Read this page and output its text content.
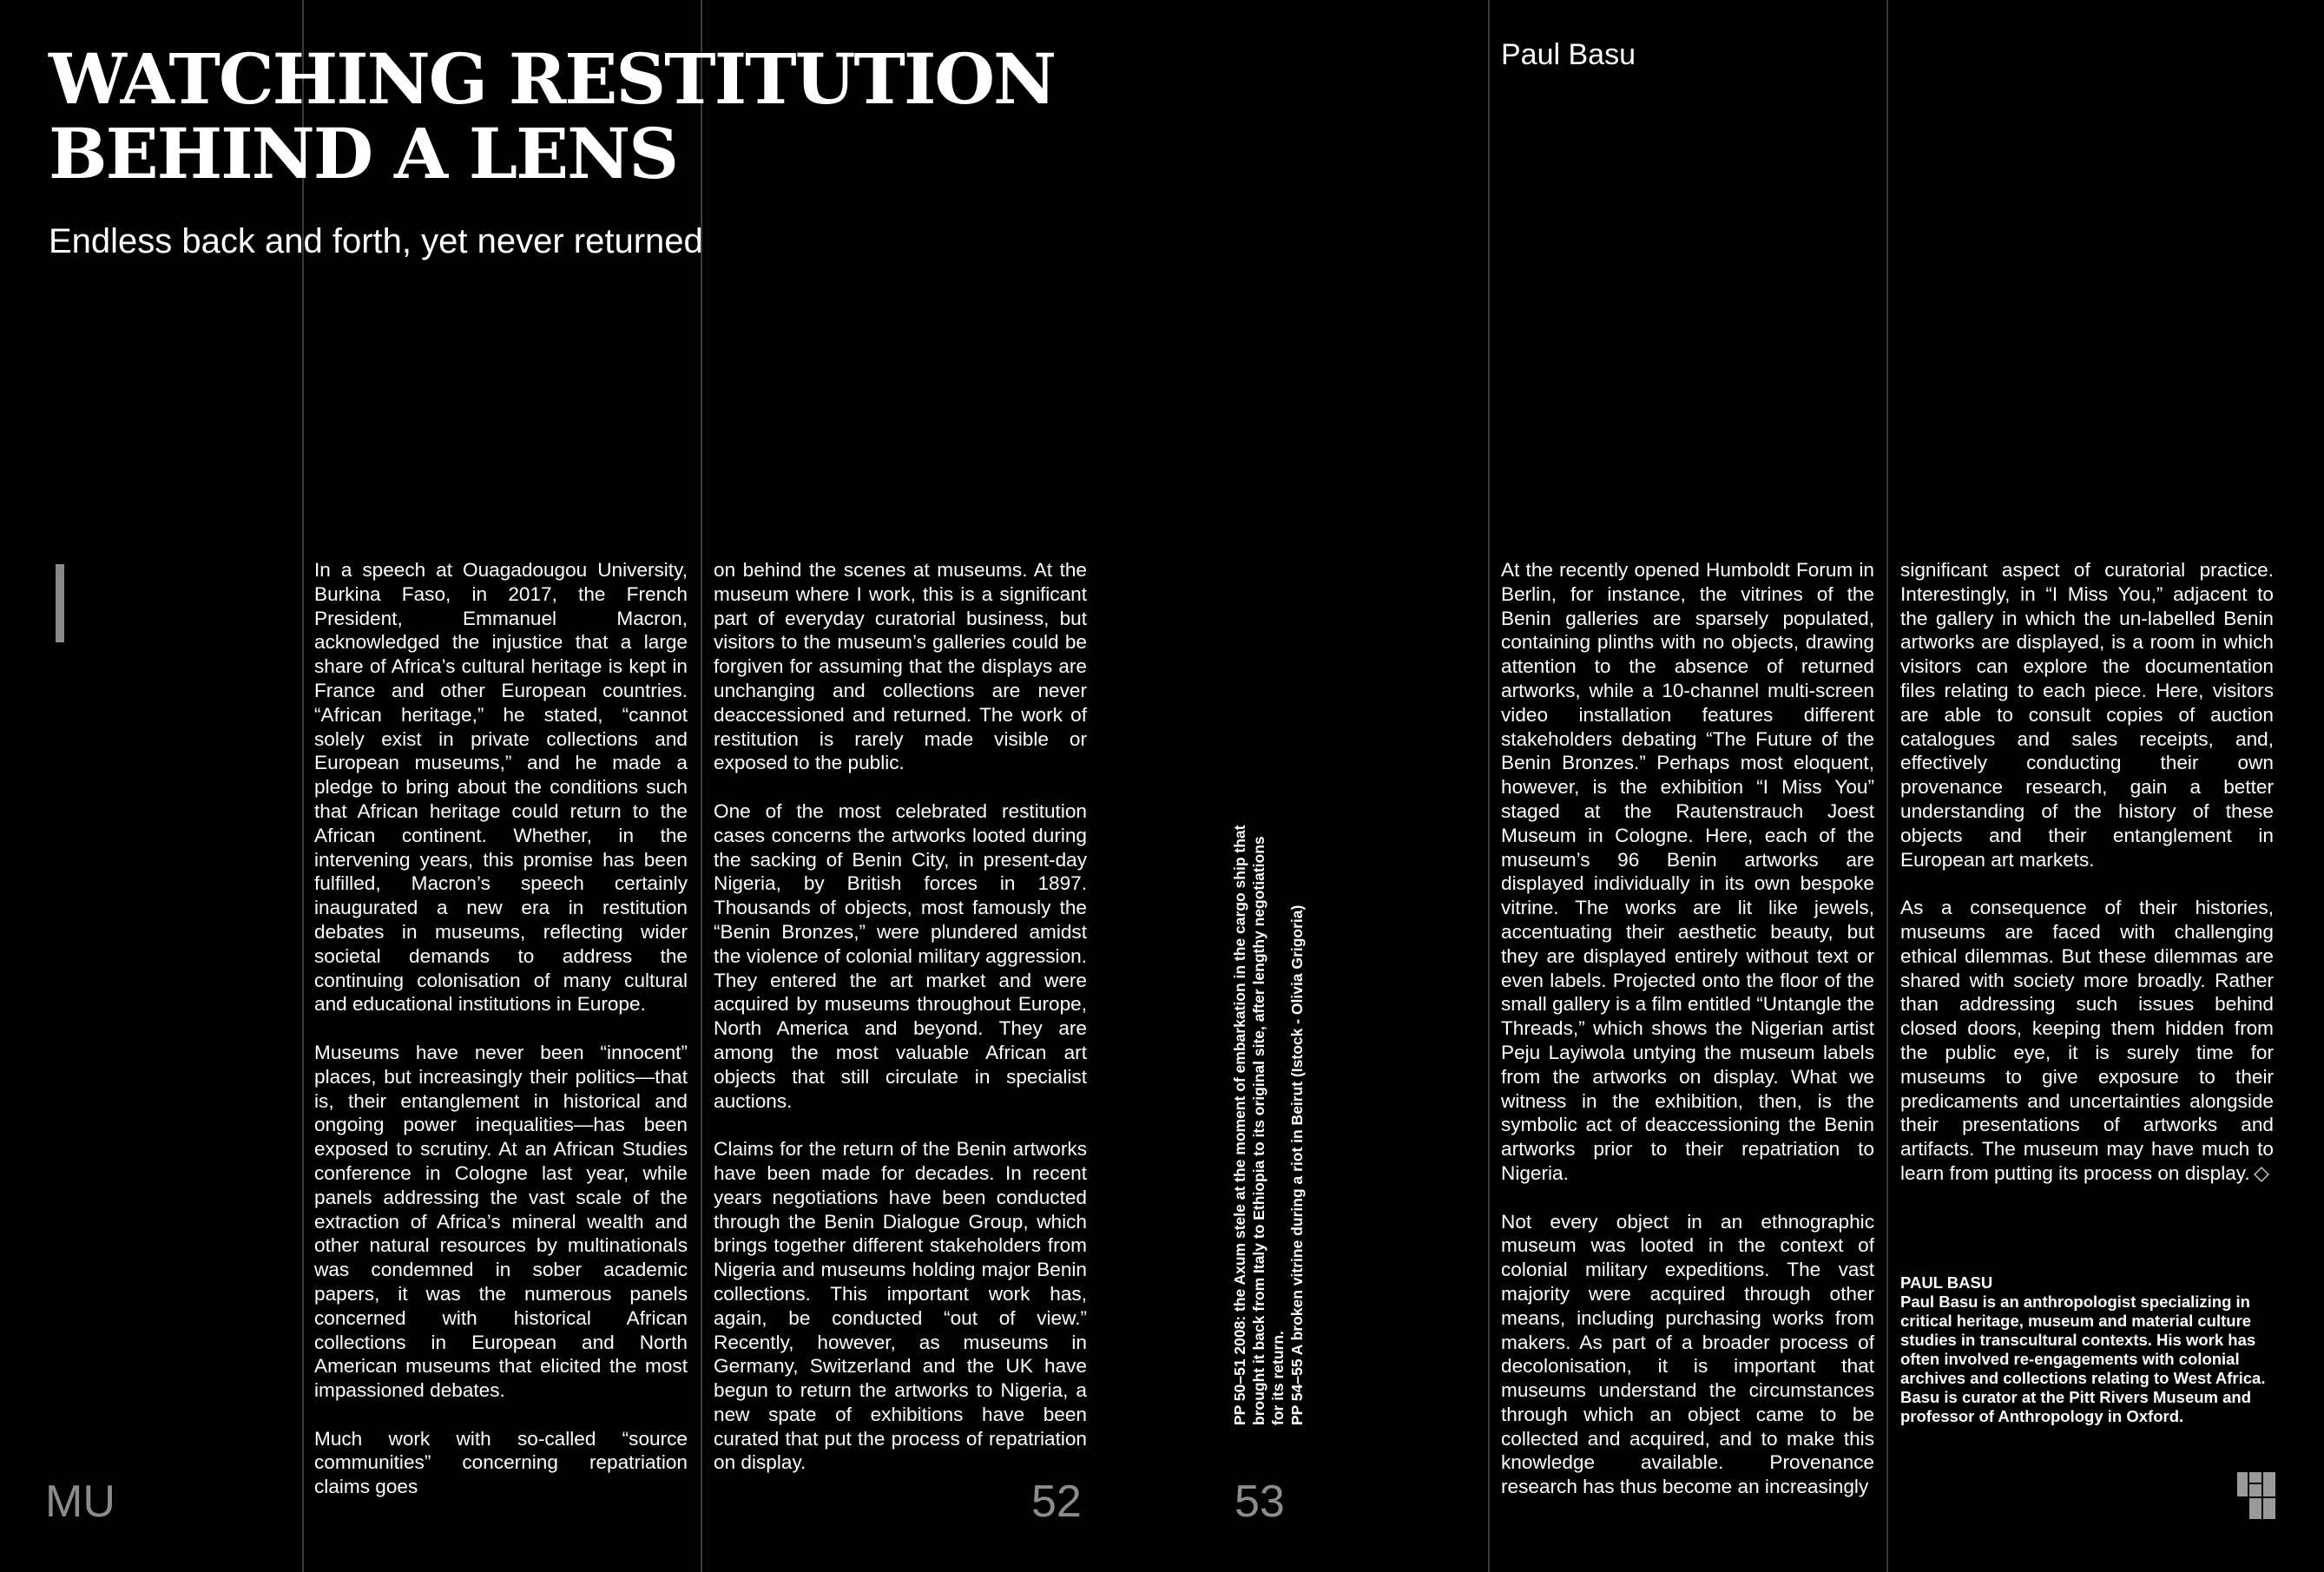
WATCHING RESTITUTION
BEHIND A LENS
Endless back and forth, yet never returned
Paul Basu

In a speech at Ouagadougou University, Burkina Faso, in 2017, the French President, Emmanuel Macron, acknowledged the injustice that a large share of Africa’s cultural heritage is kept in France and other European countries. “African heritage,” he stated, “cannot solely exist in private collections and European museums,” and he made a pledge to bring about the conditions such that African heritage could return to the African continent. Whether, in the intervening years, this promise has been fulfilled, Macron’s speech certainly inaugurated a new era in restitution debates in museums, reflecting wider societal demands to address the continuing colonisation of many cultural and educational institutions in Europe.

Museums have never been “innocent” places, but increasingly their politics—that is, their entanglement in historical and ongoing power inequalities—has been exposed to scrutiny. At an African Studies conference in Cologne last year, while panels addressing the vast scale of the extraction of Africa’s mineral wealth and other natural resources by multinationals was condemned in sober academic papers, it was the numerous panels concerned with historical African collections in European and North American museums that elicited the most impassioned debates.

Much work with so-called “source communities” concerning repatriation claims goes

on behind the scenes at museums. At the museum where I work, this is a significant part of everyday curatorial business, but visitors to the museum’s galleries could be forgiven for assuming that the displays are unchanging and collections are never deaccessioned and returned. The work of restitution is rarely made visible or exposed to the public.

One of the most celebrated restitution cases concerns the artworks looted during the sacking of Benin City, in present-day Nigeria, by British forces in 1897. Thousands of objects, most famously the “Benin Bronzes,” were plundered amidst the violence of colonial military aggression. They entered the art market and were acquired by museums throughout Europe, North America and beyond. They are among the most valuable African art objects that still circulate in specialist auctions.

Claims for the return of the Benin artworks have been made for decades. In recent years negotiations have been conducted through the Benin Dialogue Group, which brings together different stakeholders from Nigeria and museums holding major Benin collections. This important work has, again, be conducted “out of view.” Recently, however, as museums in Germany, Switzerland and the UK have begun to return the artworks to Nigeria, a new spate of exhibitions have been curated that put the process of repatriation on display.

At the recently opened Humboldt Forum in Berlin, for instance, the vitrines of the Benin galleries are sparsely populated, containing plinths with no objects, drawing attention to the absence of returned artworks, while a 10-channel multi-screen video installation features different stakeholders debating “The Future of the Benin Bronzes.” Perhaps most eloquent, however, is the exhibition “I Miss You” staged at the Rautenstrauch Joest Museum in Cologne. Here, each of the museum’s 96 Benin artworks are displayed individually in its own bespoke vitrine. The works are lit like jewels, accentuating their aesthetic beauty, but they are displayed entirely without text or even labels. Projected onto the floor of the small gallery is a film entitled “Untangle the Threads,” which shows the Nigerian artist Peju Layiwola untying the museum labels from the artworks on display. What we witness in the exhibition, then, is the symbolic act of deaccessioning the Benin artworks prior to their repatriation to Nigeria.

Not every object in an ethnographic museum was looted in the context of colonial military expeditions. The vast majority were acquired through other means, including purchasing works from makers. As part of a broader process of decolonisation, it is important that museums understand the circumstances through which an object came to be collected and acquired, and to make this knowledge available. Provenance research has thus become an increasingly

significant aspect of curatorial practice. Interestingly, in “I Miss You,” adjacent to the gallery in which the un-labelled Benin artworks are displayed, is a room in which visitors can explore the documentation files relating to each piece. Here, visitors are able to consult copies of auction catalogues and sales receipts, and, effectively conducting their own provenance research, gain a better understanding of the history of these objects and their entanglement in European art markets.

As a consequence of their histories, museums are faced with challenging ethical dilemmas. But these dilemmas are shared with society more broadly. Rather than addressing such issues behind closed doors, keeping them hidden from the public eye, it is surely time for museums to give exposure to their predicaments and uncertainties alongside their presentations of artworks and artifacts. The museum may have much to learn from putting its process on display.

PP 50–51 2008: the Axum stele at the moment of embarkation in the cargo ship that brought it back from Italy to Ethiopia to its original site, after lengthy negotiations for its return. PP 54–55 A broken vitrine during a riot in Beirut (Istock - Olivia Grigoria)	PAUL BASU
Paul Basu is an anthropologist specializing in critical heritage, museum and material culture studies in transcultural contexts. His work has often involved re-engagements with colonial archives and collections relating to West Africa. Basu is curator at the Pitt Rivers Museum and professor of Anthropology in Oxford.
MU	52	53
